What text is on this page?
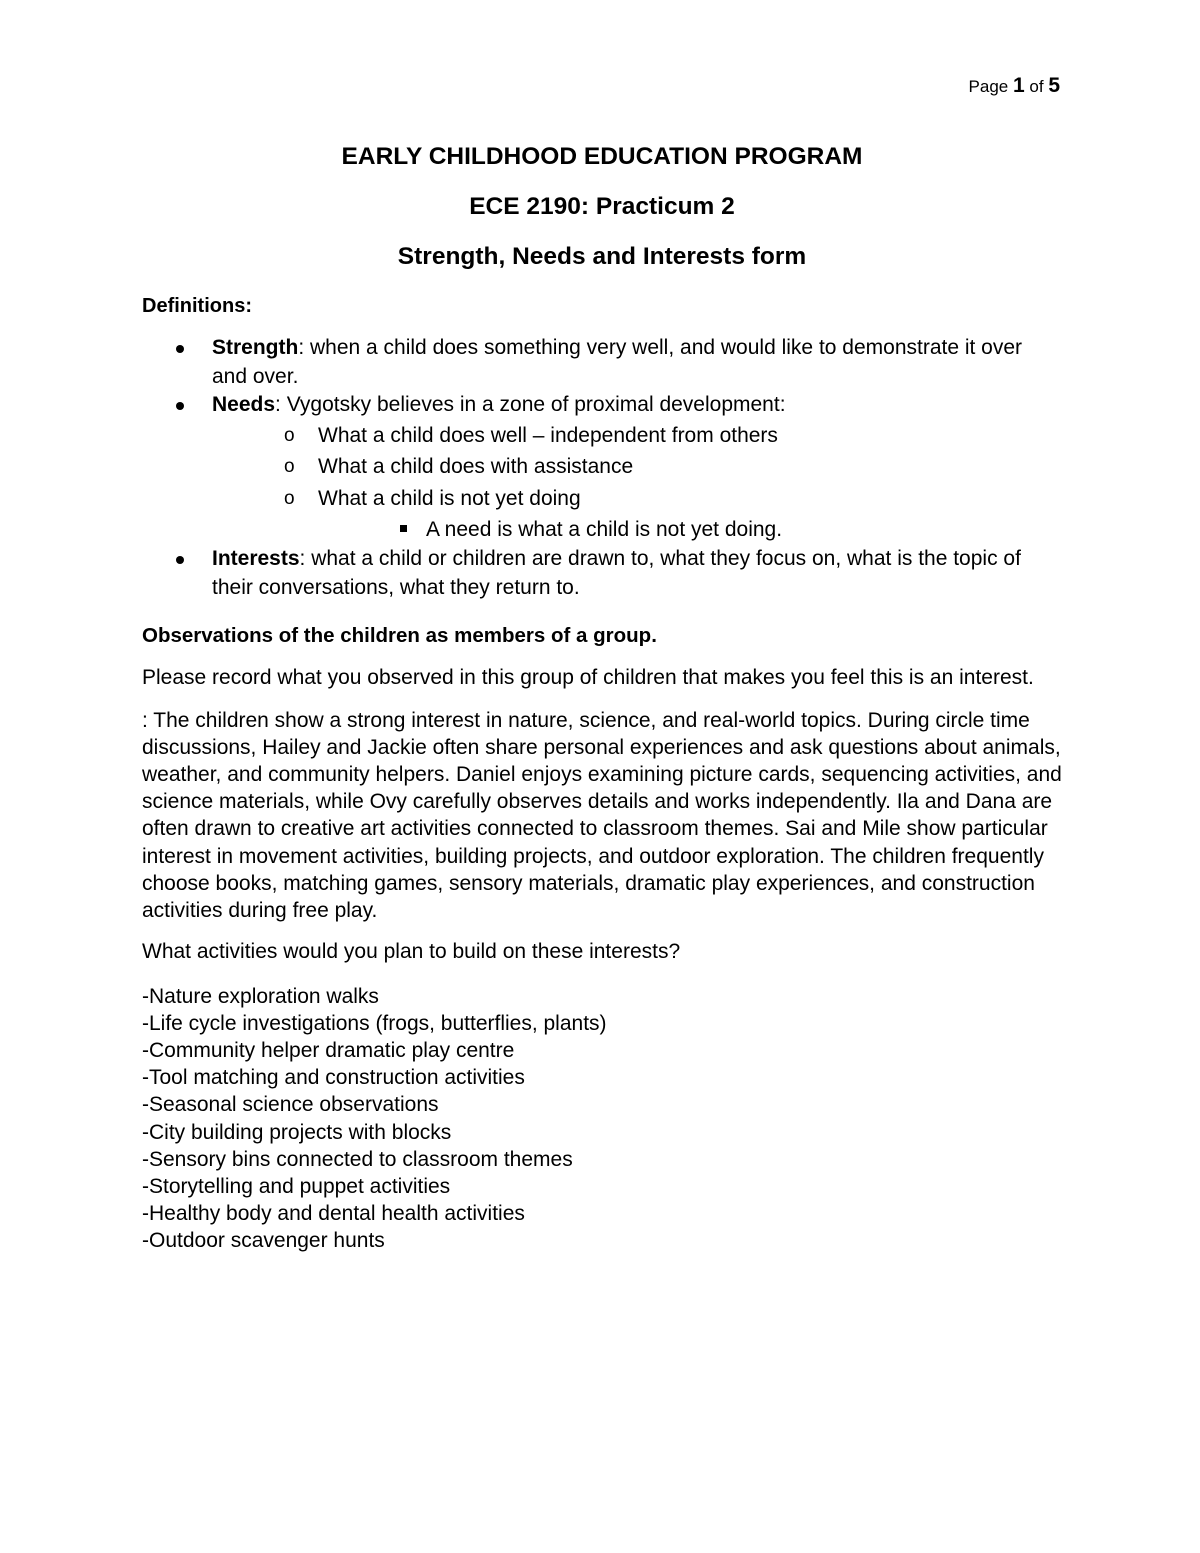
Page 1 of 5
EARLY CHILDHOOD EDUCATION PROGRAM
ECE 2190: Practicum 2
Strength, Needs and Interests form
Definitions:
Strength: when a child does something very well, and would like to demonstrate it over and over.
Needs: Vygotsky believes in a zone of proximal development:
o What a child does well – independent from others
o What a child does with assistance
o What a child is not yet doing
A need is what a child is not yet doing.
Interests: what a child or children are drawn to, what they focus on, what is the topic of their conversations, what they return to.
Observations of the children as members of a group.
Please record what you observed in this group of children that makes you feel this is an interest.
: The children show a strong interest in nature, science, and real-world topics. During circle time discussions, Hailey and Jackie often share personal experiences and ask questions about animals, weather, and community helpers. Daniel enjoys examining picture cards, sequencing activities, and science materials, while Ovy carefully observes details and works independently. Ila and Dana are often drawn to creative art activities connected to classroom themes. Sai and Mile show particular interest in movement activities, building projects, and outdoor exploration. The children frequently choose books, matching games, sensory materials, dramatic play experiences, and construction activities during free play.
What activities would you plan to build on these interests?
-Nature exploration walks
-Life cycle investigations (frogs, butterflies, plants)
-Community helper dramatic play centre
-Tool matching and construction activities
-Seasonal science observations
-City building projects with blocks
-Sensory bins connected to classroom themes
-Storytelling and puppet activities
-Healthy body and dental health activities
-Outdoor scavenger hunts
